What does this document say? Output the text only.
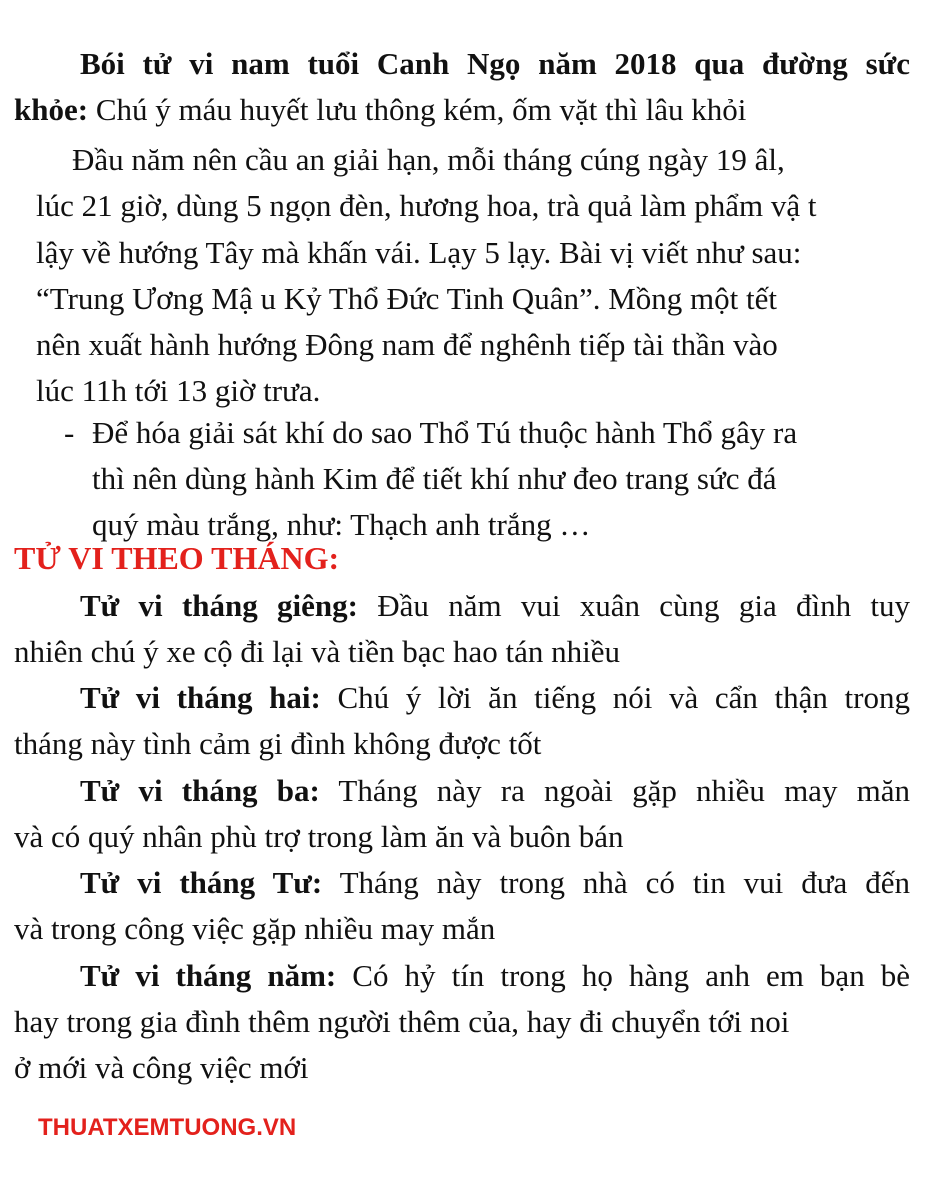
Bói tử vi nam tuổi Canh Ngọ năm 2018 qua đường sức
khỏe: Chú ý máu huyết lưu thông kém, ốm vặt thì lâu khỏi
Đầu năm nên cầu an giải hạn, mỗi tháng cúng ngày 19 âl,
lúc 21 giờ, dùng 5 ngọn đèn, hương hoa, trà quả làm phẩm vậ t
lậy về hướng Tây mà khấn vái. Lạy 5 lạy. Bài vị viết như sau:
“Trung Ương Mậ u Kỷ Thổ Đức Tinh Quân”. Mồng một tết
nên xuất hành hướng Đông nam để nghênh tiếp tài thần vào
lúc 11h tới 13 giờ trưa.
- Để hóa giải sát khí do sao Thổ Tú thuộc hành Thổ gây ra
thì nên dùng hành Kim để tiết khí như đeo trang sức đá
quý màu trắng, như: Thạch anh trắng …
TỬ VI THEO THÁNG:
Tử vi tháng giêng: Đầu năm vui xuân cùng gia đình tuy
nhiên chú ý xe cộ đi lại và tiền bạc hao tán nhiều
Tử vi tháng hai: Chú ý lời ăn tiếng nói và cẩn thận trong
tháng này tình cảm gi đình không được tốt
Tử vi tháng ba: Tháng này ra ngoài gặp nhiều may măn
và có quý nhân phù trợ trong làm ăn và buôn bán
Tử vi tháng Tư: Tháng này trong nhà có tin vui đưa đến
và trong công việc gặp nhiều may mắn
Tử vi tháng năm: Có hỷ tín trong họ hàng anh em bạn bè
hay trong gia đình thêm người thêm của, hay đi chuyển tới noi
ở mới và công việc mới
THUATXEMTUONG.VN
